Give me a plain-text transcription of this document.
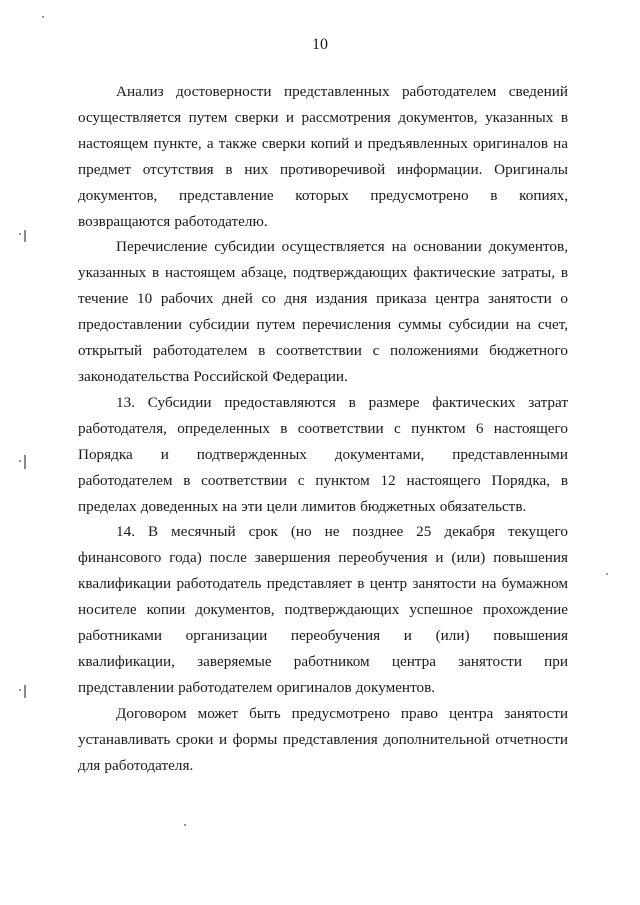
10

Анализ достоверности представленных работодателем сведений осуществляется путем сверки и рассмотрения документов, указанных в настоящем пункте, а также сверки копий и предъявленных оригиналов на предмет отсутствия в них противоречивой информации. Оригиналы документов, представление которых предусмотрено в копиях, возвращаются работодателю.

Перечисление субсидии осуществляется на основании документов, указанных в настоящем абзаце, подтверждающих фактические затраты, в течение 10 рабочих дней со дня издания приказа центра занятости о предоставлении субсидии путем перечисления суммы субсидии на счет, открытый работодателем в соответствии с положениями бюджетного законодательства Российской Федерации.

13. Субсидии предоставляются в размере фактических затрат работодателя, определенных в соответствии с пунктом 6 настоящего Порядка и подтвержденных документами, представленными работодателем в соответствии с пунктом 12 настоящего Порядка, в пределах доведенных на эти цели лимитов бюджетных обязательств.

14. В месячный срок (но не позднее 25 декабря текущего финансового года) после завершения переобучения и (или) повышения квалификации работодатель представляет в центр занятости на бумажном носителе копии документов, подтверждающих успешное прохождение работниками организации переобучения и (или) повышения квалификации, заверяемые работником центра занятости при представлении работодателем оригиналов документов.

Договором может быть предусмотрено право центра занятости устанавливать сроки и формы представления дополнительной отчетности для работодателя.
